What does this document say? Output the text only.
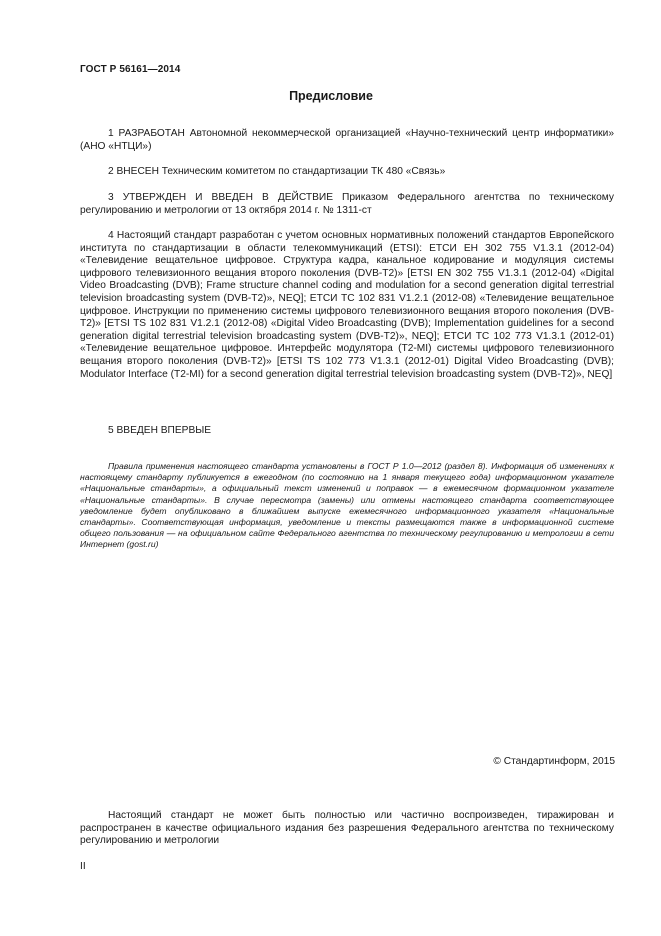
ГОСТ Р 56161—2014
Предисловие

1 РАЗРАБОТАН Автономной некоммерческой организацией «Научно-технический центр информатики» (АНО «НТЦИ»)

2 ВНЕСЕН Техническим комитетом по стандартизации ТК 480 «Связь»

3 УТВЕРЖДЕН И ВВЕДЕН В ДЕЙСТВИЕ Приказом Федерального агентства по техническому регулированию и метрологии от 13 октября 2014 г. № 1311-ст

4 Настоящий стандарт разработан с учетом основных нормативных положений стандартов Европейского института по стандартизации в области телекоммуникаций (ETSI): ЕТСИ ЕН 302 755 V1.3.1 (2012-04) «Телевидение вещательное цифровое. Структура кадра, канальное кодирование и модуляция системы цифрового телевизионного вещания второго поколения (DVB-T2)» [ETSI EN 302 755 V1.3.1 (2012-04) «Digital Video Broadcasting (DVB); Frame structure channel coding and modulation for a second generation digital terrestrial television broadcasting system (DVB-T2)», NEQ]; ЕТСИ ТС 102 831 V1.2.1 (2012-08) «Телевидение вещательное цифровое. Инструкции по применению системы цифрового телевизионного вещания второго поколения (DVB-T2)» [ETSI TS 102 831 V1.2.1 (2012-08) «Digital Video Broadcasting (DVB); Implementation guidelines for a second generation digital terrestrial television broadcasting system (DVB-T2)», NEQ]; ЕТСИ ТС 102 773 V1.3.1 (2012-01) «Телевидение вещательное цифровое. Интерфейс модулятора (T2-MI) системы цифрового телевизионного вещания второго поколения (DVB-T2)» [ETSI TS 102 773 V1.3.1 (2012-01) Digital Video Broadcasting (DVB); Modulator Interface (T2-MI) for a second generation digital terrestrial television broadcasting system (DVB-T2)», NEQ]

5 ВВЕДЕН ВПЕРВЫЕ

Правила применения настоящего стандарта установлены в ГОСТ Р 1.0—2012 (раздел 8). Информация об изменениях к настоящему стандарту публикуется в ежегодном (по состоянию на 1 января текущего года) информационном указателе «Национальные стандарты», а официальный текст изменений и поправок — в ежемесячном формационном указателе «Национальные стандарты». В случае пересмотра (замены) или отмены настоящего стандарта соответствующее уведомление будет опубликовано в ближайшем выпуске ежемесячного информационного указателя «Национальные стандарты». Соответствующая информация, уведомление и тексты размещаются также в информационной системе общего пользования — на официальном сайте Федерального агентства по техническому регулированию и метрологии в сети Интернет (gost.ru)

© Стандартинформ, 2015

Настоящий стандарт не может быть полностью или частично воспроизведен, тиражирован и распространен в качестве официального издания без разрешения Федерального агентства по техническому регулированию и метрологии

II
